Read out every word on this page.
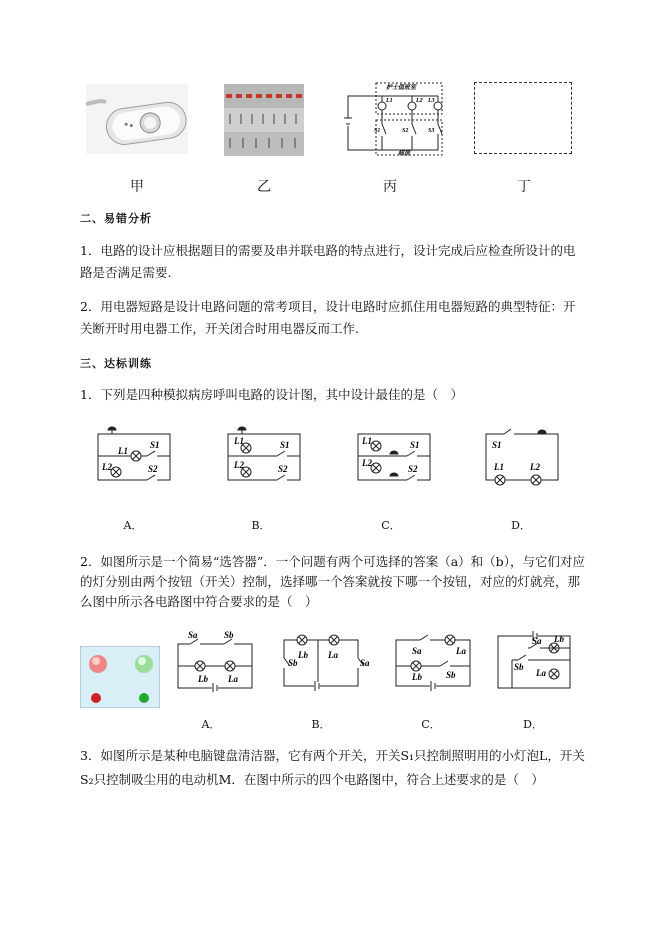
甲	乙
护士值班室
病房
L1	L2 L3
S1	S2	S3
丙	丁
二、易错分析
1．电路的设计应根据题目的需要及串并联电路的特点进行，设计完成后应检查所设计的电路是否满足需要.
2．用电器短路是设计电路问题的常考项目，设计电路时应抓住用电器短路的典型特征：开关断开时用电器工作，开关闭合时用电器反而工作.
三、达标训练
1．下列是四种模拟病房呼叫电路的设计图，其中设计最佳的是（　）
L1
S1
L2	S2
A．
L1	S1
L2	S2
B．
L1	S1
L2
S2
C．
S1
L1	L2
D．
2．如图所示是一个简易“选答器”．一个问题有两个可选择的答案（a）和（b），与它们对应的灯分别由两个按钮（开关）控制，选择哪一个答案就按下哪一个按钮，对应的灯就亮，那么图中所示各电路图中符合要求的是（　）
Sa	Sb
Lb La
A．
Lb La
Sb	Sa
B．
Sa	La
Lb	Sb
C．
Sa Lb
Sb
La
D．
3．如图所示是某种电脑键盘清洁器，它有两个开关，开关S₁只控制照明用的小灯泡L，开关S₂只控制吸尘用的电动机M．在图中所示的四个电路图中，符合上述要求的是（　）
